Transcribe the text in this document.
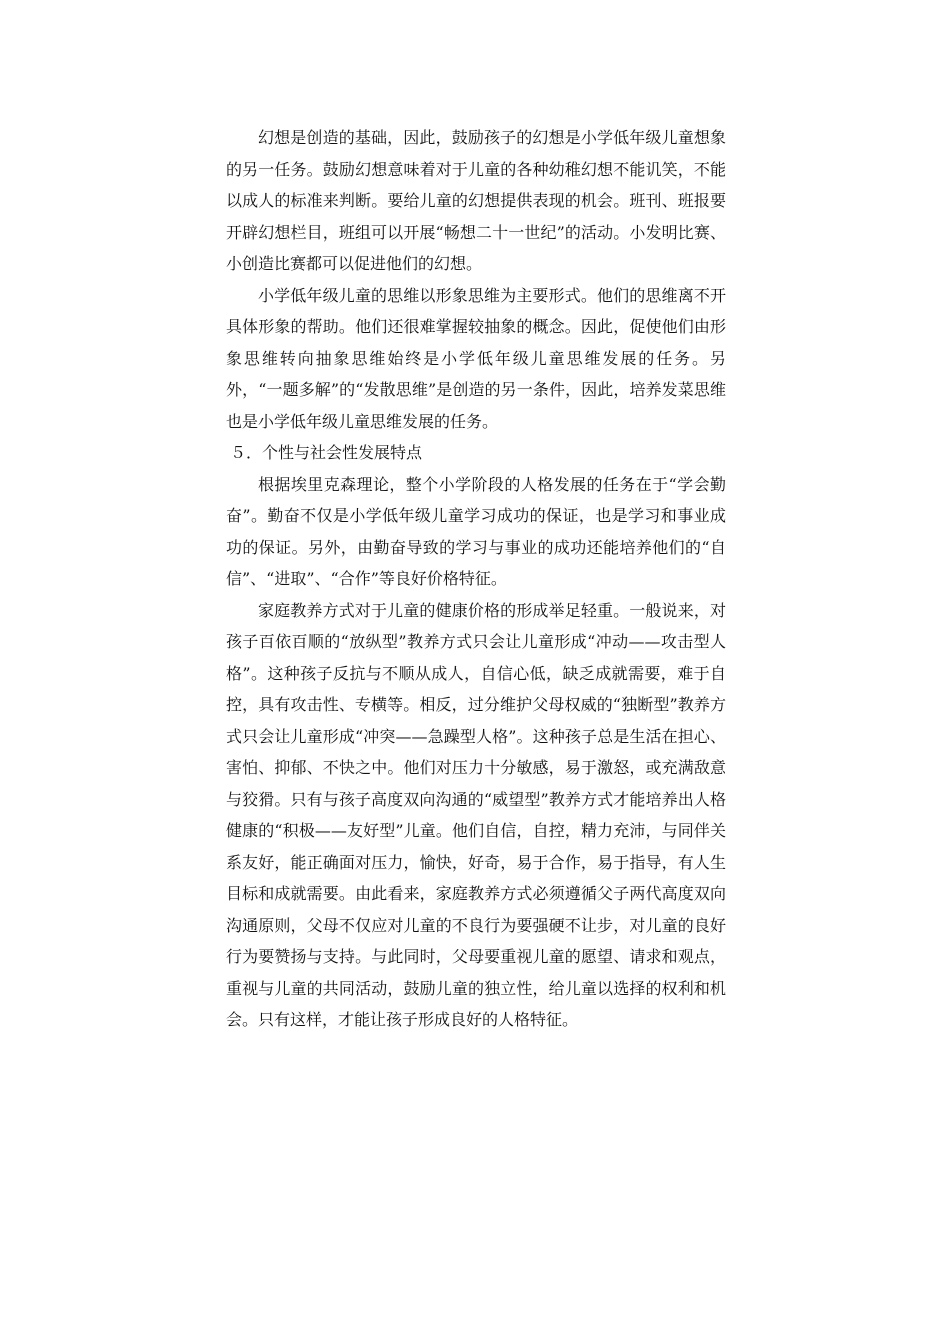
幻想是创造的基础，因此，鼓励孩子的幻想是小学低年级儿童想象的另一任务。鼓励幻想意味着对于儿童的各种幼稚幻想不能讥笑，不能以成人的标准来判断。要给儿童的幻想提供表现的机会。班刊、班报要开辟幻想栏目，班组可以开展“畅想二十一世纪”的活动。小发明比赛、小创造比赛都可以促进他们的幻想。

小学低年级儿童的思维以形象思维为主要形式。他们的思维离不开具体形象的帮助。他们还很难掌握较抽象的概念。因此，促使他们由形象思维转向抽象思维始终是小学低年级儿童思维发展的任务。另外，“一题多解”的“发散思维”是创造的另一条件，因此，培养发菜思维也是小学低年级儿童思维发展的任务。

５．个性与社会性发展特点

根据埃里克森理论，整个小学阶段的人格发展的任务在于“学会勤奋”。勤奋不仅是小学低年级儿童学习成功的保证，也是学习和事业成功的保证。另外，由勤奋导致的学习与事业的成功还能培养他们的“自信”、“进取”、“合作”等良好价格特征。

家庭教养方式对于儿童的健康价格的形成举足轻重。一般说来，对孩子百依百顺的“放纵型”教养方式只会让儿童形成“冲动——攻击型人格”。这种孩子反抗与不顺从成人，自信心低，缺乏成就需要，难于自控，具有攻击性、专横等。相反，过分维护父母权威的“独断型”教养方式只会让儿童形成“冲突——急躁型人格”。这种孩子总是生活在担心、害怕、抑郁、不快之中。他们对压力十分敏感，易于激怒，或充满敌意与狡猾。只有与孩子高度双向沟通的“威望型”教养方式才能培养出人格健康的“积极——友好型”儿童。他们自信，自控，精力充沛，与同伴关系友好，能正确面对压力，愉快，好奇，易于合作，易于指导，有人生目标和成就需要。由此看来，家庭教养方式必须遵循父子两代高度双向沟通原则，父母不仅应对儿童的不良行为要强硬不让步，对儿童的良好行为要赞扬与支持。与此同时，父母要重视儿童的愿望、请求和观点，重视与儿童的共同活动，鼓励儿童的独立性，给儿童以选择的权利和机会。只有这样，才能让孩子形成良好的人格特征。
